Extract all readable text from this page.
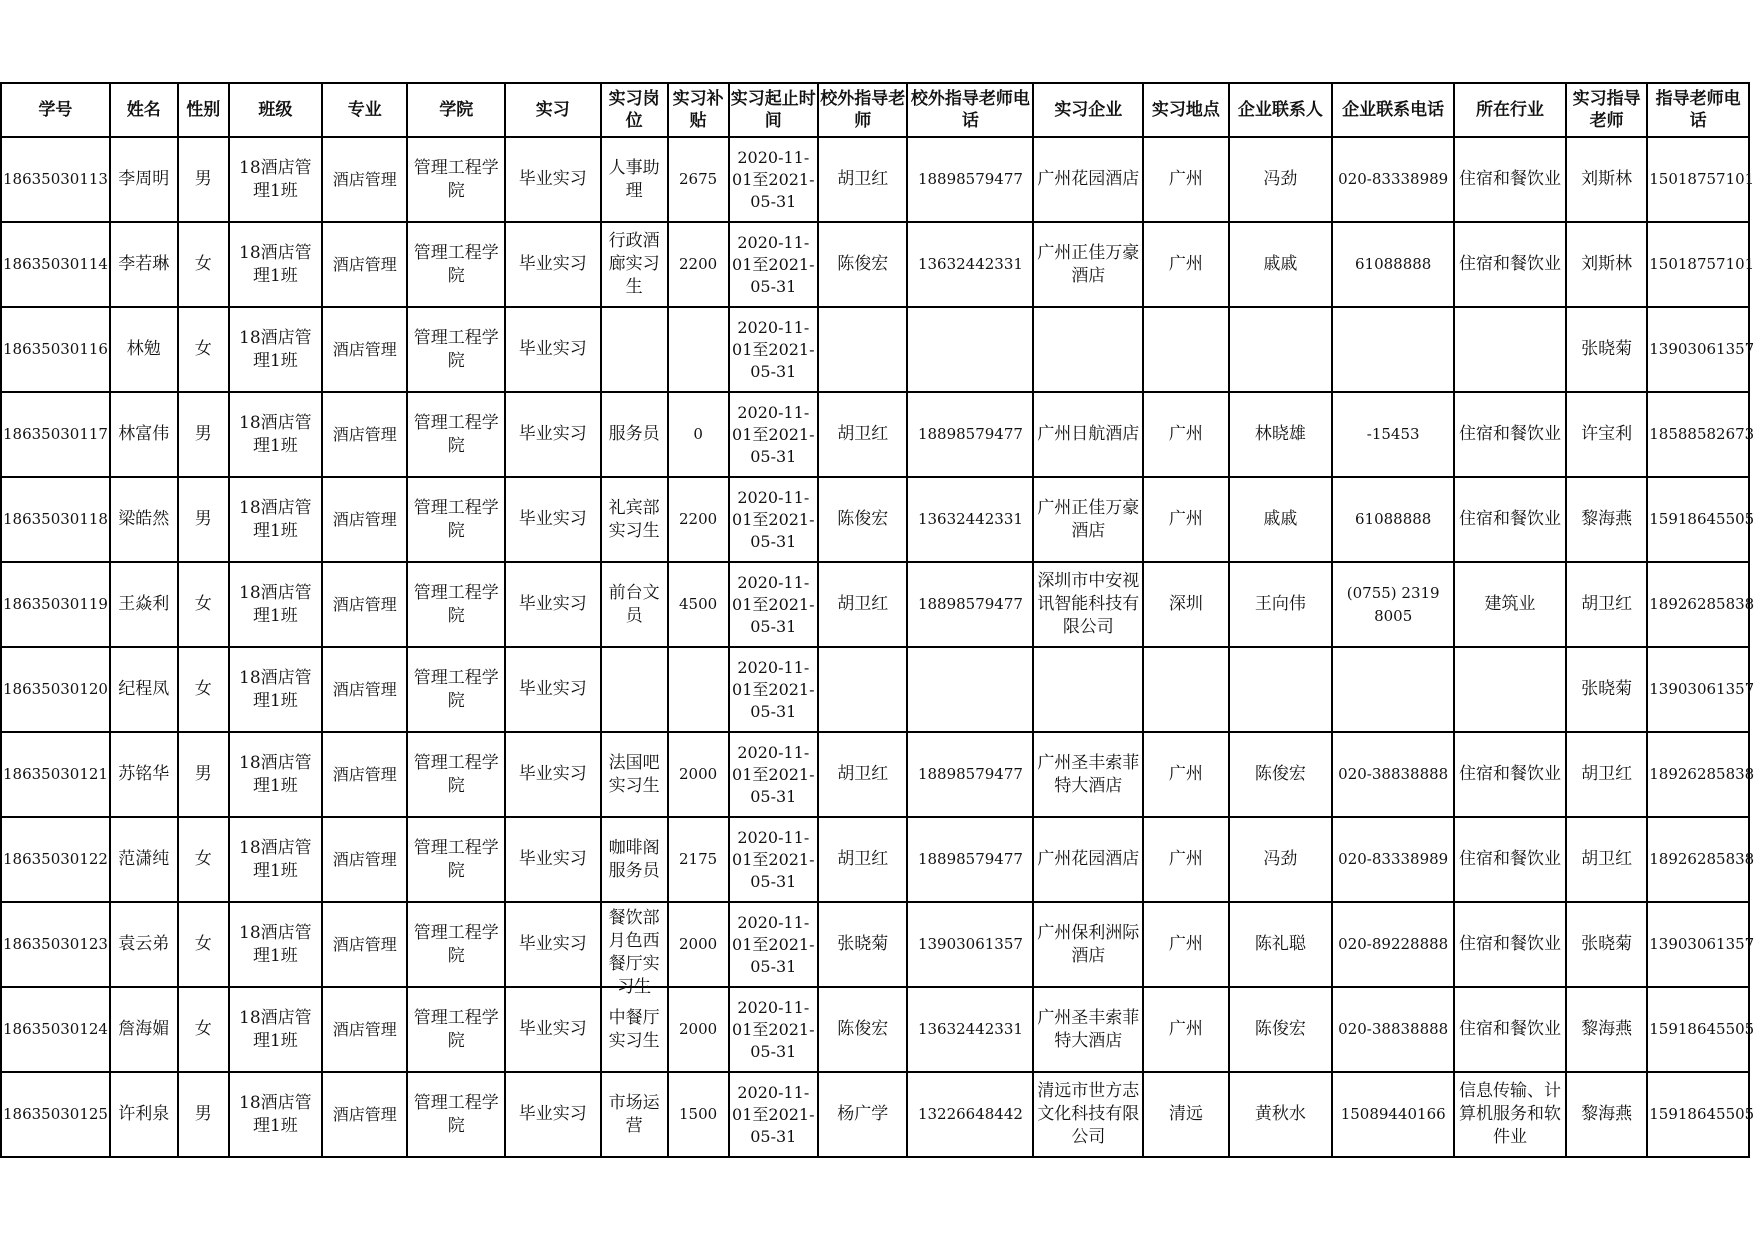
学号	姓名	性别	班级	专业	学院	实习	实习岗位	实习补贴	实习起止时间	校外指导老师	校外指导老师电话	实习企业	实习地点	企业联系人	企业联系电话	所在行业	实习指导老师	指导老师电话

18635030113	李周明	男	18酒店管理1班	酒店管理	管理工程学院	毕业实习	人事助理	2675	2020-11-01至2021-05-31	胡卫红	18898579477	广州花园酒店	广州	冯劲	020-83338989	住宿和餐饮业	刘斯林	15018757101

18635030114	李若琳	女	18酒店管理1班	酒店管理	管理工程学院	毕业实习	行政酒廊实习生	2200	2020-11-01至2021-05-31	陈俊宏	13632442331	广州正佳万豪酒店	广州	戚戚	61088888	住宿和餐饮业	刘斯林	15018757101

18635030116	林勉	女	18酒店管理1班	酒店管理	管理工程学院	毕业实习			2020-11-01至2021-05-31								张晓菊	13903061357

18635030117	林富伟	男	18酒店管理1班	酒店管理	管理工程学院	毕业实习	服务员	0	2020-11-01至2021-05-31	胡卫红	18898579477	广州日航酒店	广州	林晓雄	-15453	住宿和餐饮业	许宝利	18588582673

18635030118	梁皓然	男	18酒店管理1班	酒店管理	管理工程学院	毕业实习	礼宾部实习生	2200	2020-11-01至2021-05-31	陈俊宏	13632442331	广州正佳万豪酒店	广州	戚戚	61088888	住宿和餐饮业	黎海燕	15918645505

18635030119	王焱利	女	18酒店管理1班	酒店管理	管理工程学院	毕业实习	前台文员	4500	2020-11-01至2021-05-31	胡卫红	18898579477	深圳市中安视讯智能科技有限公司	深圳	王向伟	(0755) 2319 8005	建筑业	胡卫红	18926285838

18635030120	纪程凤	女	18酒店管理1班	酒店管理	管理工程学院	毕业实习			2020-11-01至2021-05-31								张晓菊	13903061357

18635030121	苏铭华	男	18酒店管理1班	酒店管理	管理工程学院	毕业实习	法国吧实习生	2000	2020-11-01至2021-05-31	胡卫红	18898579477	广州圣丰索菲特大酒店	广州	陈俊宏	020-38838888	住宿和餐饮业	胡卫红	18926285838

18635030122	范潇纯	女	18酒店管理1班	酒店管理	管理工程学院	毕业实习	咖啡阁服务员	2175	2020-11-01至2021-05-31	胡卫红	18898579477	广州花园酒店	广州	冯劲	020-83338989	住宿和餐饮业	胡卫红	18926285838

18635030123	袁云弟	女	18酒店管理1班	酒店管理	管理工程学院	毕业实习	餐饮部月色西餐厅实习生	2000	2020-11-01至2021-05-31	张晓菊	13903061357	广州保利洲际酒店	广州	陈礼聪	020-89228888	住宿和餐饮业	张晓菊	13903061357

18635030124	詹海媚	女	18酒店管理1班	酒店管理	管理工程学院	毕业实习	中餐厅实习生	2000	2020-11-01至2021-05-31	陈俊宏	13632442331	广州圣丰索菲特大酒店	广州	陈俊宏	020-38838888	住宿和餐饮业	黎海燕	15918645505

18635030125	许利泉	男	18酒店管理1班	酒店管理	管理工程学院	毕业实习	市场运营	1500	2020-11-01至2021-05-31	杨广学	13226648442	清远市世方志文化科技有限公司	清远	黄秋水	15089440166	信息传输、计算机服务和软件业	黎海燕	15918645505
